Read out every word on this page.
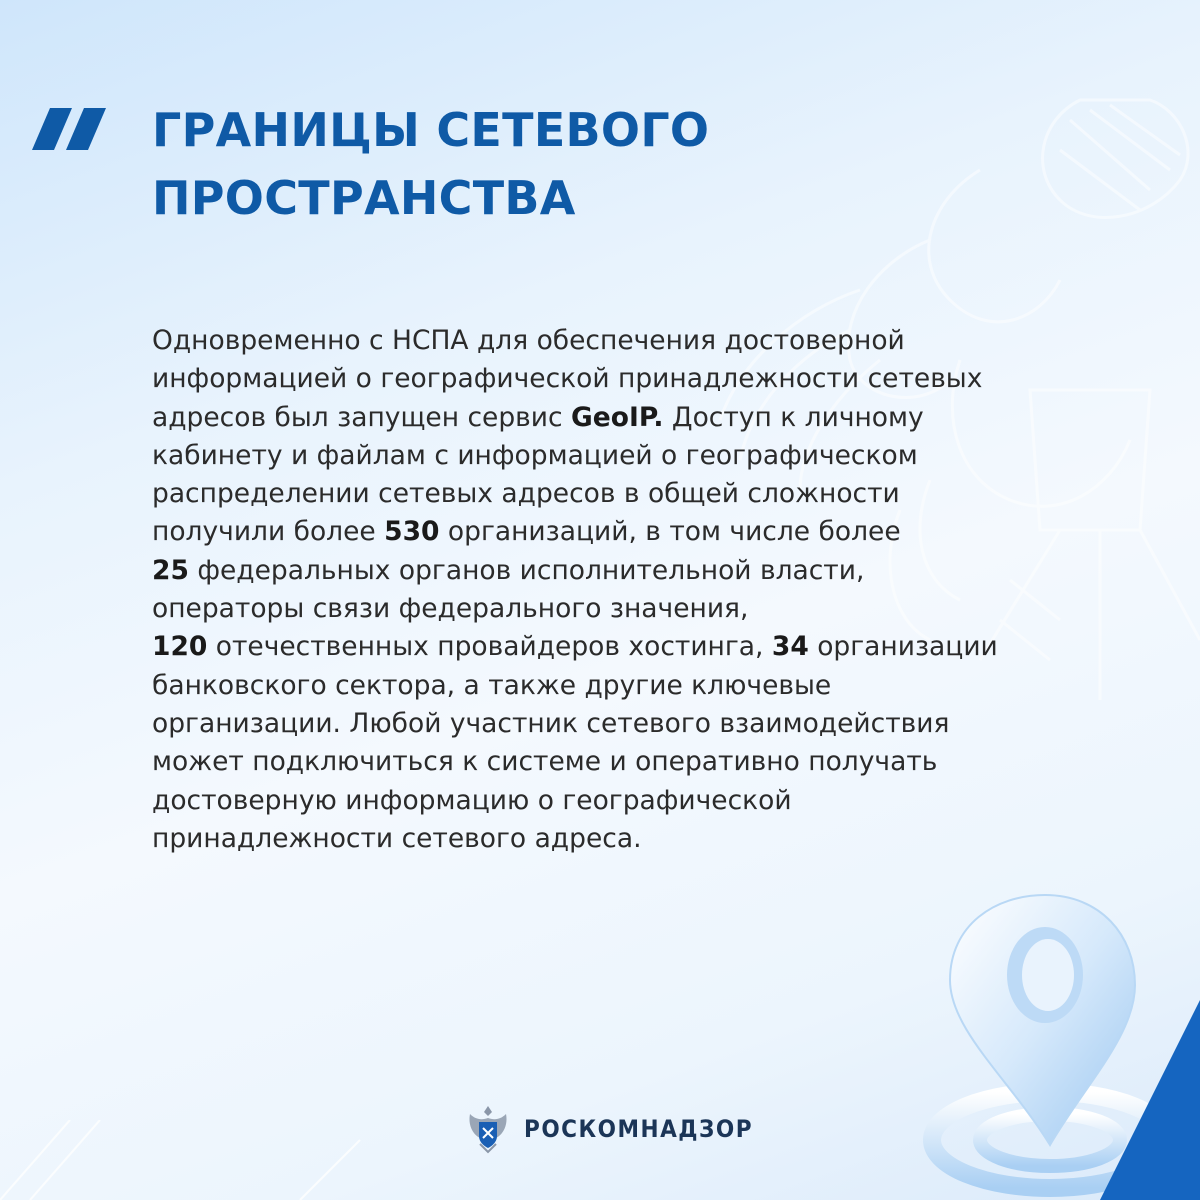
ГРАНИЦЫ СЕТЕВОГО
ПРОСТРАНСТВА
Одновременно с НСПА для обеспечения достоверной
информацией о географической принадлежности сетевых
адресов был запущен сервис GeoIP. Доступ к личному
кабинету и файлам с информацией о географическом
распределении сетевых адресов в общей сложности
получили более 530 организаций, в том числе более
25 федеральных органов исполнительной власти,
операторы связи федерального значения,
120 отечественных провайдеров хостинга, 34 организации
банковского сектора, а также другие ключевые
организации. Любой участник сетевого взаимодействия
может подключиться к системе и оперативно получать
достоверную информацию о географической
принадлежности сетевого адреса.
РОСКОМНАДЗОР
